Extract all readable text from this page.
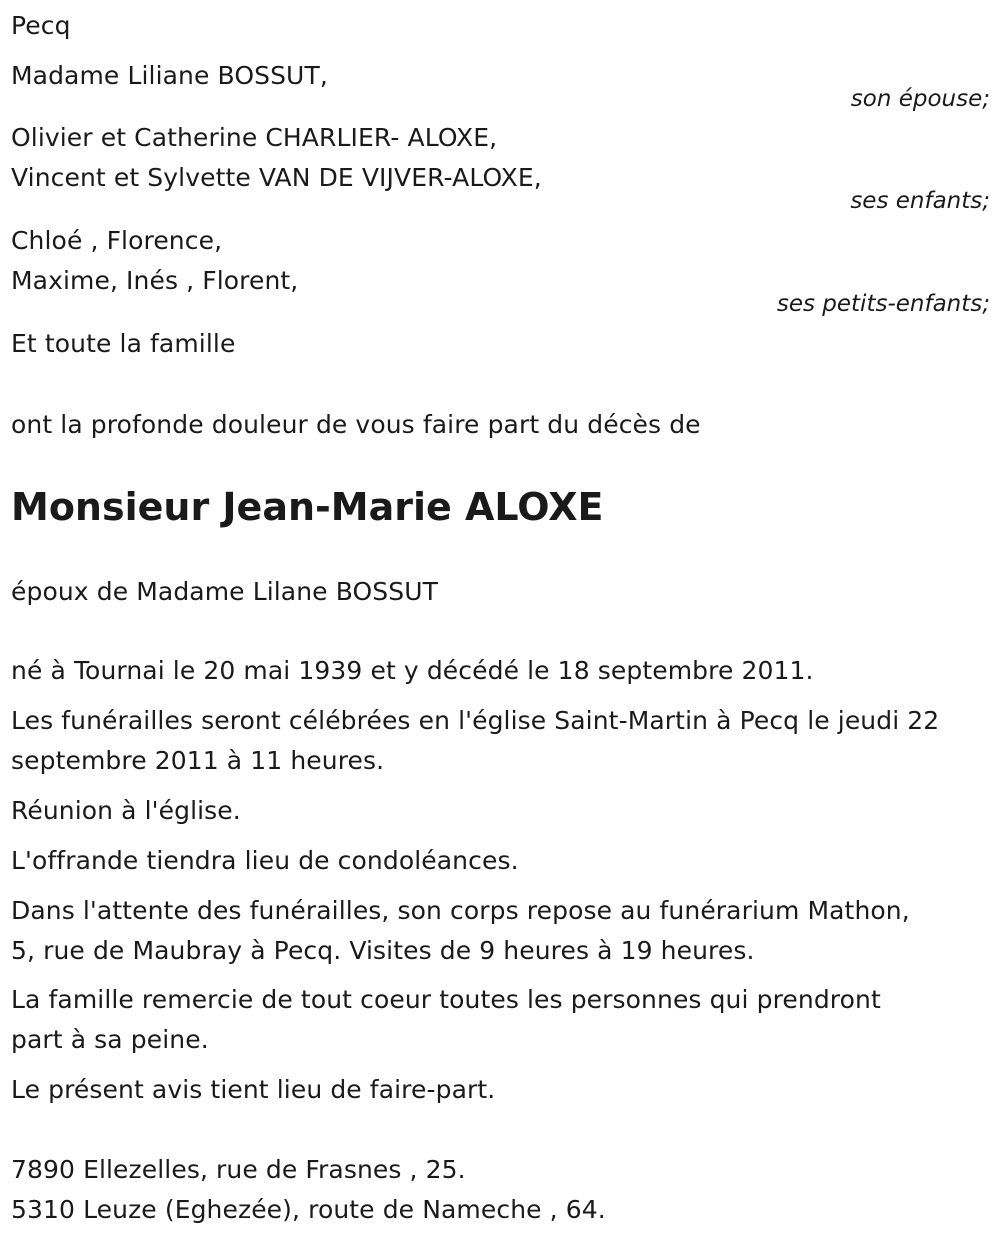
Pecq
Madame Liliane BOSSUT,
son épouse;
Olivier et Catherine CHARLIER- ALOXE,
Vincent et Sylvette VAN DE VIJVER-ALOXE,
ses enfants;
Chloé , Florence,
Maxime, Inés , Florent,
ses petits-enfants;
Et toute la famille
ont la profonde douleur de vous faire part du décès de
Monsieur Jean-Marie ALOXE
époux de Madame Lilane BOSSUT
né à Tournai le 20 mai 1939 et y décédé le 18 septembre 2011.
Les funérailles seront célébrées en l'église Saint-Martin à Pecq le jeudi 22
septembre 2011 à 11 heures.
Réunion à l'église.
L'offrande tiendra lieu de condoléances.
Dans l'attente des funérailles, son corps repose au funérarium Mathon,
5, rue de Maubray à Pecq. Visites de 9 heures à 19 heures.
La famille remercie de tout coeur toutes les personnes qui prendront
part à sa peine.
Le présent avis tient lieu de faire-part.
7890 Ellezelles, rue de Frasnes , 25.
5310 Leuze (Eghezée), route de Nameche , 64.
